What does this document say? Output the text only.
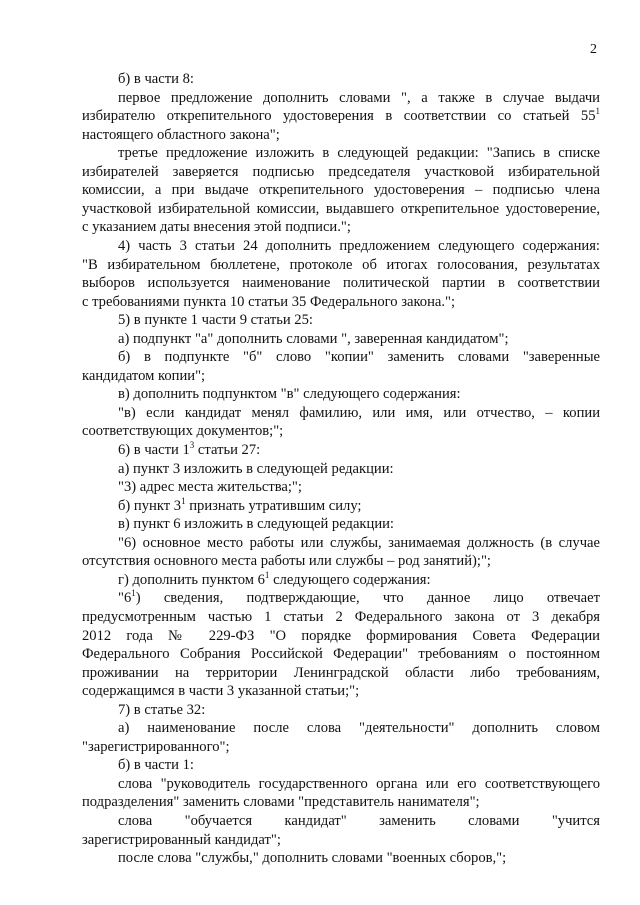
2
б) в части 8:
первое предложение дополнить словами ", а также в случае выдачи
избирателю открепительного удостоверения в соответствии со статьей $55^1$
настоящего областного закона";
третье предложение изложить в следующей редакции: "Запись в списке
избирателей заверяется подписью председателя участковой избирательной
комиссии, а при выдаче открепительного удостоверения – подписью члена
участковой избирательной комиссии, выдавшего открепительное удостоверение,
с указанием даты внесения этой подписи.";
4) часть 3 статьи 24 дополнить предложением следующего содержания:
"В избирательном бюллетене, протоколе об итогах голосования, результатах
выборов используется наименование политической партии в соответствии
с требованиями пункта 10 статьи 35 Федерального закона.";
5) в пункте 1 части 9 статьи 25:
а) подпункт "а" дополнить словами ", заверенная кандидатом";
б) в подпункте "б" слово "копии" заменить словами "заверенные
кандидатом копии";
в) дополнить подпунктом "в" следующего содержания:
"в) если кандидат менял фамилию, или имя, или отчество, – копии
соответствующих документов;";
6) в части $1^3$ статьи 27:
а) пункт 3 изложить в следующей редакции:
"3) адрес места жительства;";
б) пункт $3^1$ признать утратившим силу;
в) пункт 6 изложить в следующей редакции:
"6) основное место работы или службы, занимаемая должность (в случае
отсутствия основного места работы или службы – род занятий);";
г) дополнить пунктом $6^1$ следующего содержания:
"$6^1$) сведения, подтверждающие, что данное лицо отвечает
предусмотренным частью 1 статьи 2 Федерального закона от 3 декабря
2012 года № 229-ФЗ "О порядке формирования Совета Федерации
Федерального Собрания Российской Федерации" требованиям о постоянном
проживании на территории Ленинградской области либо требованиям,
содержащимся в части 3 указанной статьи;";
7) в статье 32:
а) наименование после слова "деятельности" дополнить словом
"зарегистрированного";
б) в части 1:
слова "руководитель государственного органа или его соответствующего
подразделения" заменить словами "представитель нанимателя";
слова "обучается кандидат" заменить словами "учится
зарегистрированный кандидат";
после слова "службы," дополнить словами "военных сборов,";
